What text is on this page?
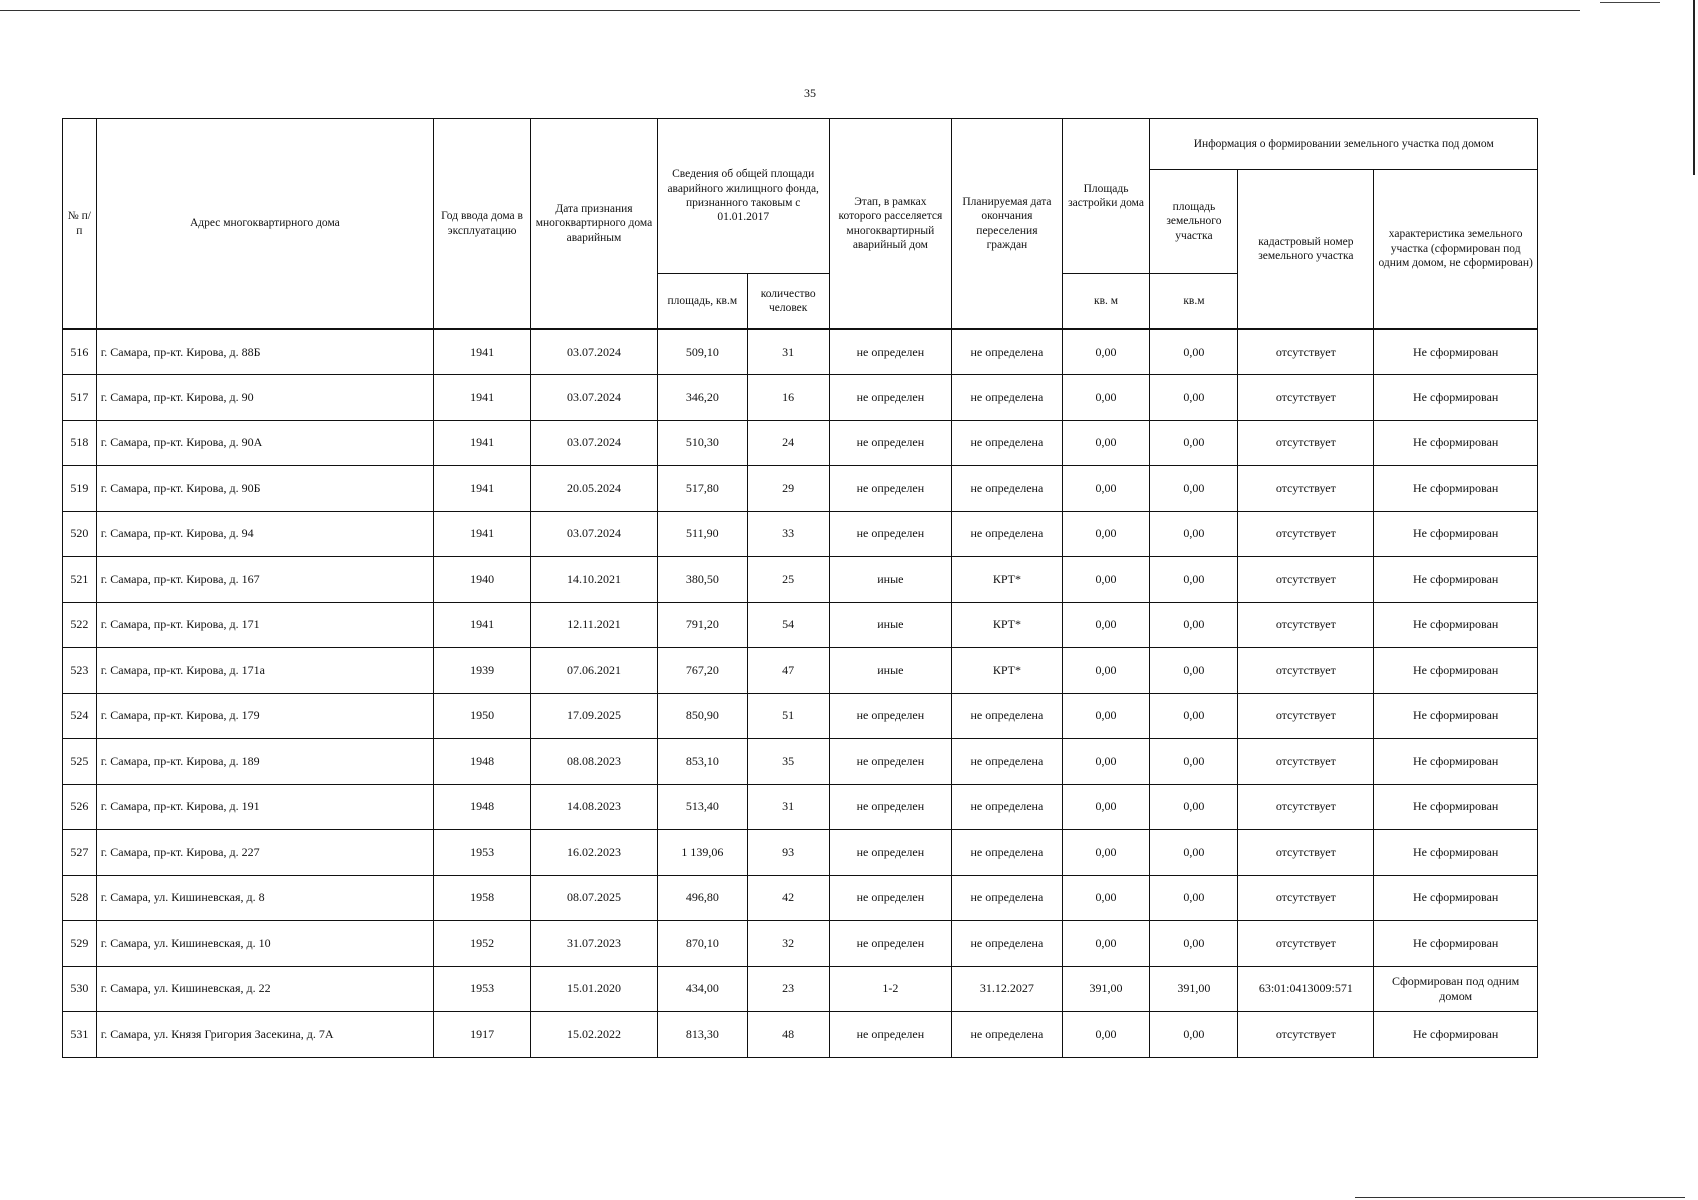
35
№ п/п	Адрес многоквартирного дома	Год ввода дома в эксплуатацию	Дата признания многоквартирного дома аварийным	Сведения об общей площади аварийного жилищного фонда, признанного таковым с 01.01.2017		Этап, в рамках которого расселяется многоквартирный аварийный дом	Планируемая дата окончания переселения граждан	Площадь застройки дома	Информация о формировании земельного участка под домом		
									площадь земельного участка	кадастровый номер земельного участка	характеристика земельного участка (сформирован под одним домом, не сформирован)
				площадь, кв.м	количество человек			кв. м	кв.м		
516	г. Самара, пр-кт. Кирова, д. 88Б	1941	03.07.2024	509,10	31	не определен	не определена	0,00	0,00	отсутствует	Не сформирован
517	г. Самара, пр-кт. Кирова, д. 90	1941	03.07.2024	346,20	16	не определен	не определена	0,00	0,00	отсутствует	Не сформирован
518	г. Самара, пр-кт. Кирова, д. 90А	1941	03.07.2024	510,30	24	не определен	не определена	0,00	0,00	отсутствует	Не сформирован
519	г. Самара, пр-кт. Кирова, д. 90Б	1941	20.05.2024	517,80	29	не определен	не определена	0,00	0,00	отсутствует	Не сформирован
520	г. Самара, пр-кт. Кирова, д. 94	1941	03.07.2024	511,90	33	не определен	не определена	0,00	0,00	отсутствует	Не сформирован
521	г. Самара, пр-кт. Кирова, д. 167	1940	14.10.2021	380,50	25	иные	КРТ*	0,00	0,00	отсутствует	Не сформирован
522	г. Самара, пр-кт. Кирова, д. 171	1941	12.11.2021	791,20	54	иные	КРТ*	0,00	0,00	отсутствует	Не сформирован
523	г. Самара, пр-кт. Кирова, д. 171а	1939	07.06.2021	767,20	47	иные	КРТ*	0,00	0,00	отсутствует	Не сформирован
524	г. Самара, пр-кт. Кирова, д. 179	1950	17.09.2025	850,90	51	не определен	не определена	0,00	0,00	отсутствует	Не сформирован
525	г. Самара, пр-кт. Кирова, д. 189	1948	08.08.2023	853,10	35	не определен	не определена	0,00	0,00	отсутствует	Не сформирован
526	г. Самара, пр-кт. Кирова, д. 191	1948	14.08.2023	513,40	31	не определен	не определена	0,00	0,00	отсутствует	Не сформирован
527	г. Самара, пр-кт. Кирова, д. 227	1953	16.02.2023	1 139,06	93	не определен	не определена	0,00	0,00	отсутствует	Не сформирован
528	г. Самара, ул. Кишиневская, д. 8	1958	08.07.2025	496,80	42	не определен	не определена	0,00	0,00	отсутствует	Не сформирован
529	г. Самара, ул. Кишиневская, д. 10	1952	31.07.2023	870,10	32	не определен	не определена	0,00	0,00	отсутствует	Не сформирован
530	г. Самара, ул. Кишиневская, д. 22	1953	15.01.2020	434,00	23	1-2	31.12.2027	391,00	391,00	63:01:0413009:571	Сформирован под одним домом
531	г. Самара, ул. Князя Григория Засекина, д. 7А	1917	15.02.2022	813,30	48	не определен	не определена	0,00	0,00	отсутствует	Не сформирован
